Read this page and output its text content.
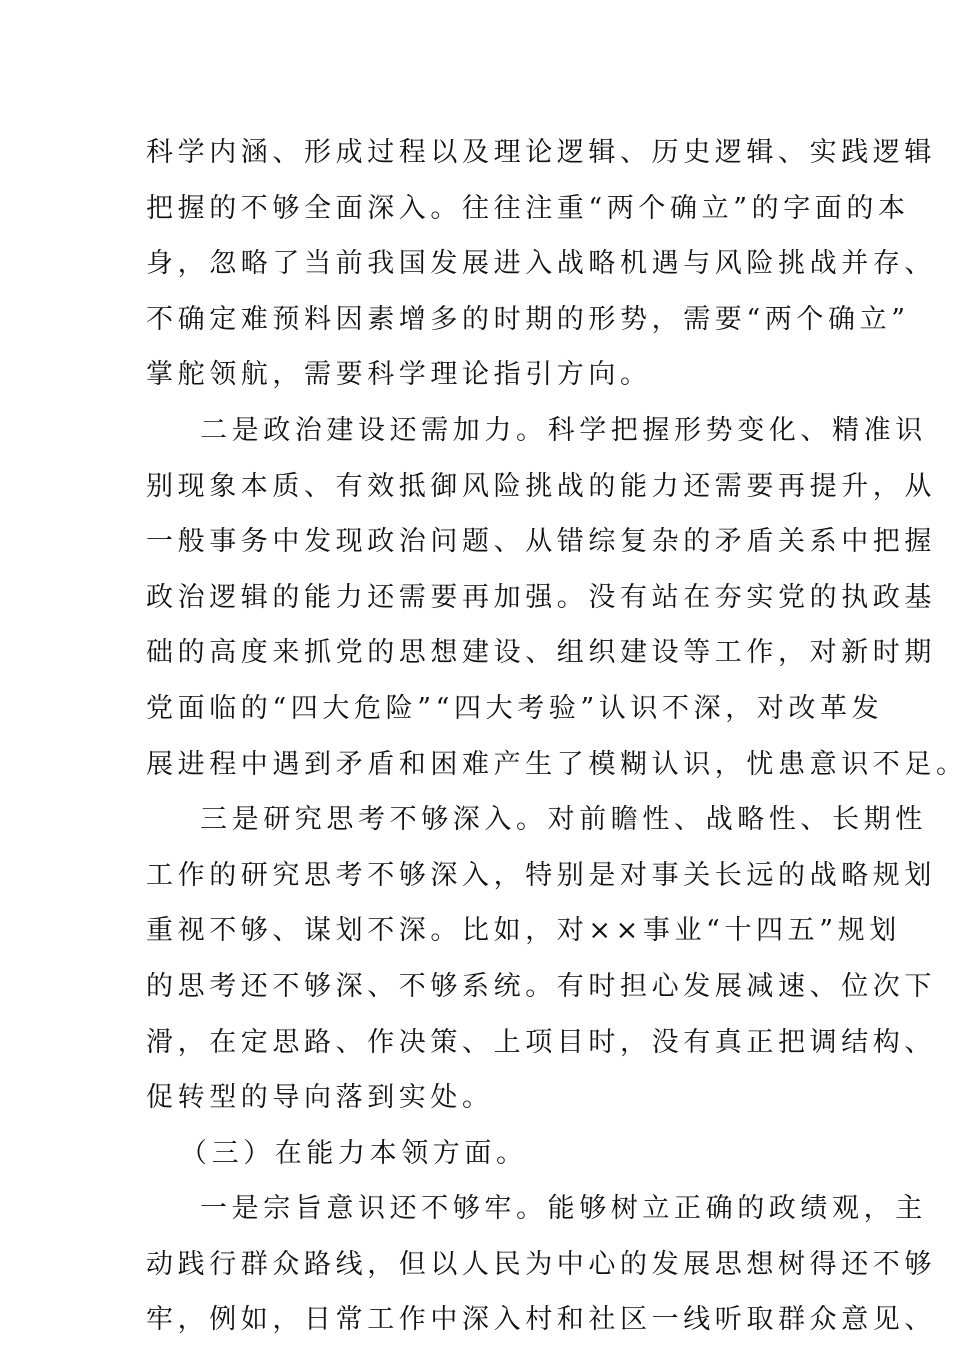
科学内涵、形成过程以及理论逻辑、历史逻辑、实践逻辑
把握的不够全面深入。往往注重“两个确立”的字面的本
身，忽略了当前我国发展进入战略机遇与风险挑战并存、
不确定难预料因素增多的时期的形势，需要“两个确立”
掌舵领航，需要科学理论指引方向。
二是政治建设还需加力。科学把握形势变化、精准识
别现象本质、有效抵御风险挑战的能力还需要再提升，从
一般事务中发现政治问题、从错综复杂的矛盾关系中把握
政治逻辑的能力还需要再加强。没有站在夯实党的执政基
础的高度来抓党的思想建设、组织建设等工作，对新时期
党面临的“四大危险”“四大考验”认识不深，对改革发
展进程中遇到矛盾和困难产生了模糊认识，忧患意识不足。
三是研究思考不够深入。对前瞻性、战略性、长期性
工作的研究思考不够深入，特别是对事关长远的战略规划
重视不够、谋划不深。比如，对××事业“十四五”规划
的思考还不够深、不够系统。有时担心发展减速、位次下
滑，在定思路、作决策、上项目时，没有真正把调结构、
促转型的导向落到实处。
（三）在能力本领方面。
一是宗旨意识还不够牢。能够树立正确的政绩观，主
动践行群众路线，但以人民为中心的发展思想树得还不够
牢，例如，日常工作中深入村和社区一线听取群众意见、
